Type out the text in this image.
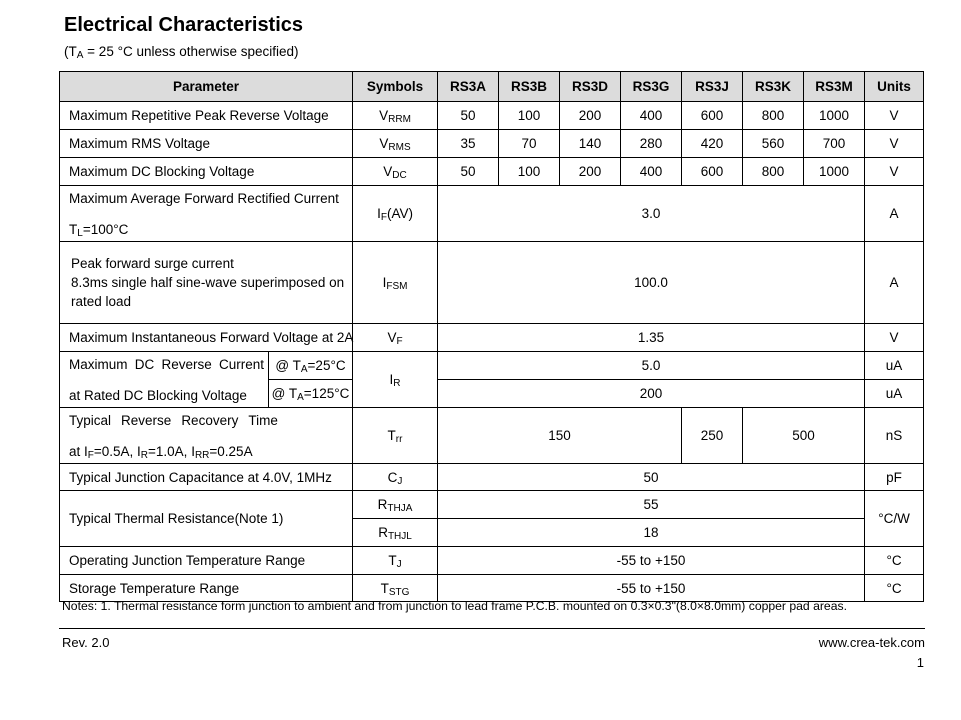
Electrical Characteristics
($T_A = 25$ °C unless otherwise specified)
Parameter		Symbols	RS3A	RS3B	RS3D	RS3G	RS3J	RS3K	RS3M	Units
Maximum Repetitive Peak Reverse Voltage		$V_{RRM}$	50	100	200	400	600	800	1000	V
Maximum RMS Voltage		$V_{RMS}$	35	70	140	280	420	560	700	V
Maximum DC Blocking Voltage		$V_{DC}$	50	100	200	400	600	800	1000	V

Maximum Average Forward Rectified Current
$T_L=100^\circ C$		$I_F(AV)$	3.0							A

Peak forward surge current
8.3ms single half sine-wave superimposed on
rated load		$I_{FSM}$	100.0							A
Maximum Instantaneous Forward Voltage at 2A		$V_F$	1.35							V

Maximum DC Reverse Current
at Rated DC Blocking Voltage	@ $T_A=25^\circ C$	$I_R$	5.0							uA
	@ $T_A=125^\circ C$		200							uA

Typical Reverse Recovery Time
at $I_F=0.5A$, $I_R=1.0A$, $I_{RR}=0.25A$		$T_{rr}$	150				250	500		nS
Typical Junction Capacitance at 4.0V, 1MHz		$C_J$	50							pF
Typical Thermal Resistance(Note 1)		$R_{THJA}$	55							°C/W
		$R_{THJL}$	18							
Operating Junction Temperature Range		$T_J$	-55 to +150							°C
Storage Temperature Range		$T_{STG}$	-55 to +150							°C
Notes: 1. Thermal resistance form junction to ambient and from junction to lead frame P.C.B. mounted on 0.3×0.3"(8.0×8.0mm) copper pad areas.
Rev. 2.0	www.crea-tek.com
1
